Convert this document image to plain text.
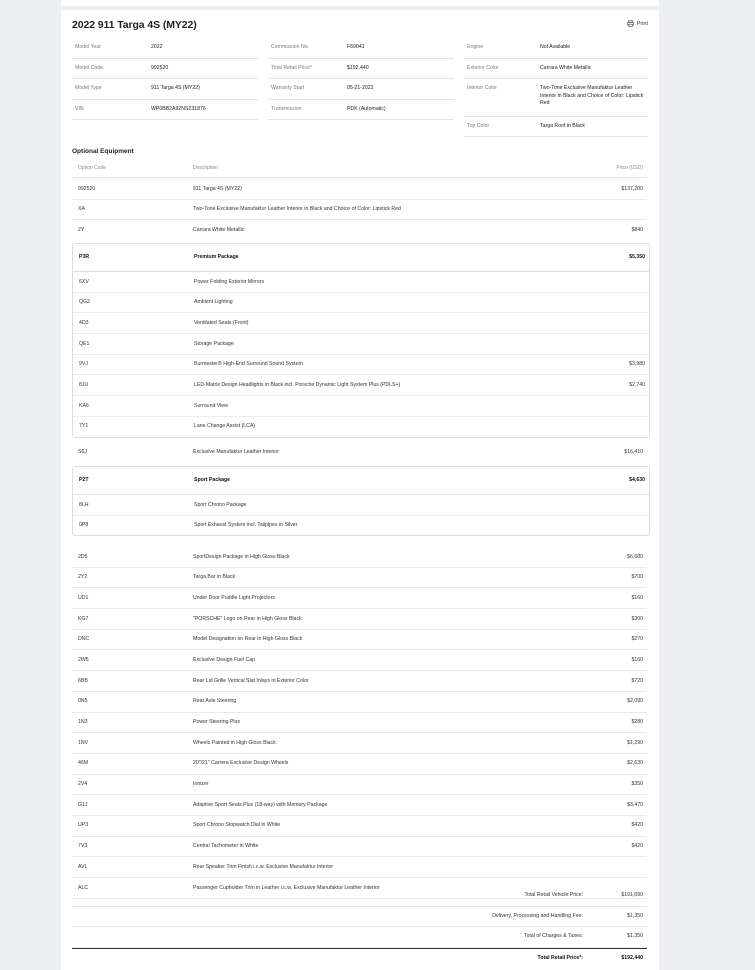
2022 911 Targa 4S (MY22)	Print
Model Year	2022
Model Code	992520
Model Type	911 Targa 4S (MY22)
VIN	WP0BB2A92NS231876
Commission No.	F69041
Total Retail Price*	$192,440
Warranty Start	05-21-2022
Transmission	PDK (Automatic)
Engine	Not Available
Exterior Color	Carrara White Metallic
Interior Color	Two-Tone Exclusive Manufaktur Leather Interior in Black and Choice of Color: Lipstick Red
Top Color	Targa Roof in Black
Optional Equipment
Option Code	Description	Price (USD)
992520	911 Targa 4S (MY22)	$137,200
XA	Two-Tone Exclusive Manufaktur Leather Interior in Black and Choice of Color: Lipstick Red
2Y	Carrara White Metallic	$840
P3R	Premium Package	$5,350
6XV	Power Folding Exterior Mirrors
QG2	Ambient Lighting
4D3	Ventilated Seats (Front)
QE1	Storage Package
9VJ	Burmester® High-End Surround Sound System	$3,980
8JU	LED-Matrix Design Headlights in Black incl. Porsche Dynamic Light System Plus (PDLS+)	$2,740
KA6	Surround View
7Y1	Lane Change Assist (LCA)
S6J	Exclusive Manufaktur Leather Interior	$16,410
P2T	Sport Package	$4,630
8LH	Sport Chrono Package
0P8	Sport Exhaust System incl. Tailpipes in Silver
2D5	SportDesign Package in High Gloss Black	$6,680
2Y2	Targa Bar in Black	$700
UD1	Under Door Puddle Light Projectors	$160
KG7	"PORSCHE" Logo on Rear in High Gloss Black	$300
DNC	Model Designation on Rear in High Gloss Black	$270
2W6	Exclusive Design Fuel Cap	$160
6BB	Rear Lid Grille Vertical Slat Inlays in Exterior Color	$720
0N5	Rear Axle Steering	$2,090
1N3	Power Steering Plus	$280
1NV	Wheels Painted in High Gloss Black	$1,290
46M	20"/21" Carrera Exclusive Design Wheels	$2,630
2V4	Ionizer	$350
G1J	Adaptive Sport Seats Plus (18-way) with Memory Package	$3,470
UP3	Sport Chrono Stopwatch Dial in White	$420
7V3	Central Tachometer in White	$420
AVL	Rear Speaker Trim Finish i.c.w. Exclusive Manufaktur Interior
ALC	Passenger Cupholder Trim in Leather i.c.w. Exclusive Manufaktur Leather Interior
Total Retail Vehicle Price:	$191,090
Delivery, Processing and Handling Fee:	$1,350
Total of Charges & Taxes:	$1,350
Total Retail Price*:	$192,440
